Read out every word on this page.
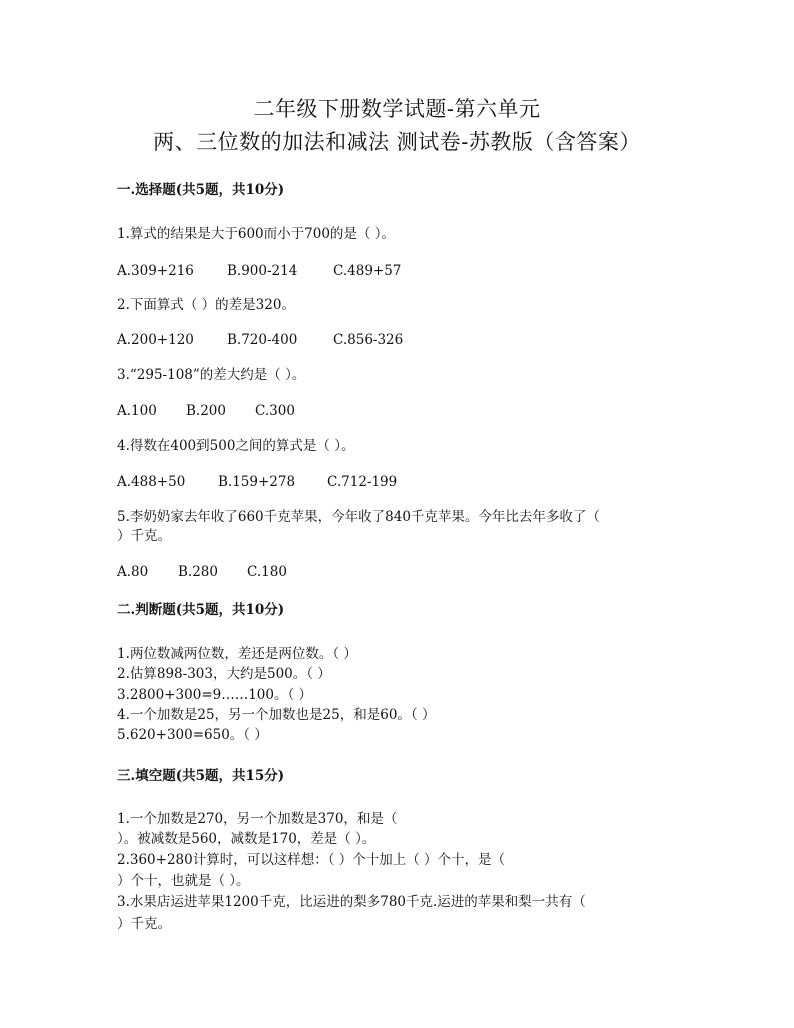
二年级下册数学试题-第六单元
两、三位数的加法和减法 测试卷-苏教版（含答案）
一.选择题(共5题，共10分)
1.算式的结果是大于600而小于700的是（ ）。
A.309+216 B.900-214	C.489+57
2.下面算式（ ）的差是320。
A.200+120 B.720-400	C.856-326
3.“295-108”的差大约是（ ）。
A.100 B.200 C.300
4.得数在400到500之间的算式是（ ）。
A.488+50 B.159+278 C.712-199
5.李奶奶家去年收了660千克苹果，今年收了840千克苹果。今年比去年多收了（
）千克。
A.80 B.280 C.180
二.判断题(共5题，共10分)
1.两位数减两位数，差还是两位数。（ ）
2.估算898-303，大约是500。（ ）
3.2800+300=9……100。（ ）
4.一个加数是25，另一个加数也是25，和是60。（ ）
5.620+300=650。（ ）
三.填空题(共5题，共15分)
1.一个加数是270，另一个加数是370，和是（
）。被减数是560，减数是170，差是（ ）。
2.360+280计算时，可以这样想：（ ）个十加上（ ）个十，是（
）个十，也就是（ ）。
3.水果店运进苹果1200千克，比运进的梨多780千克.运进的苹果和梨一共有（
）千克。
